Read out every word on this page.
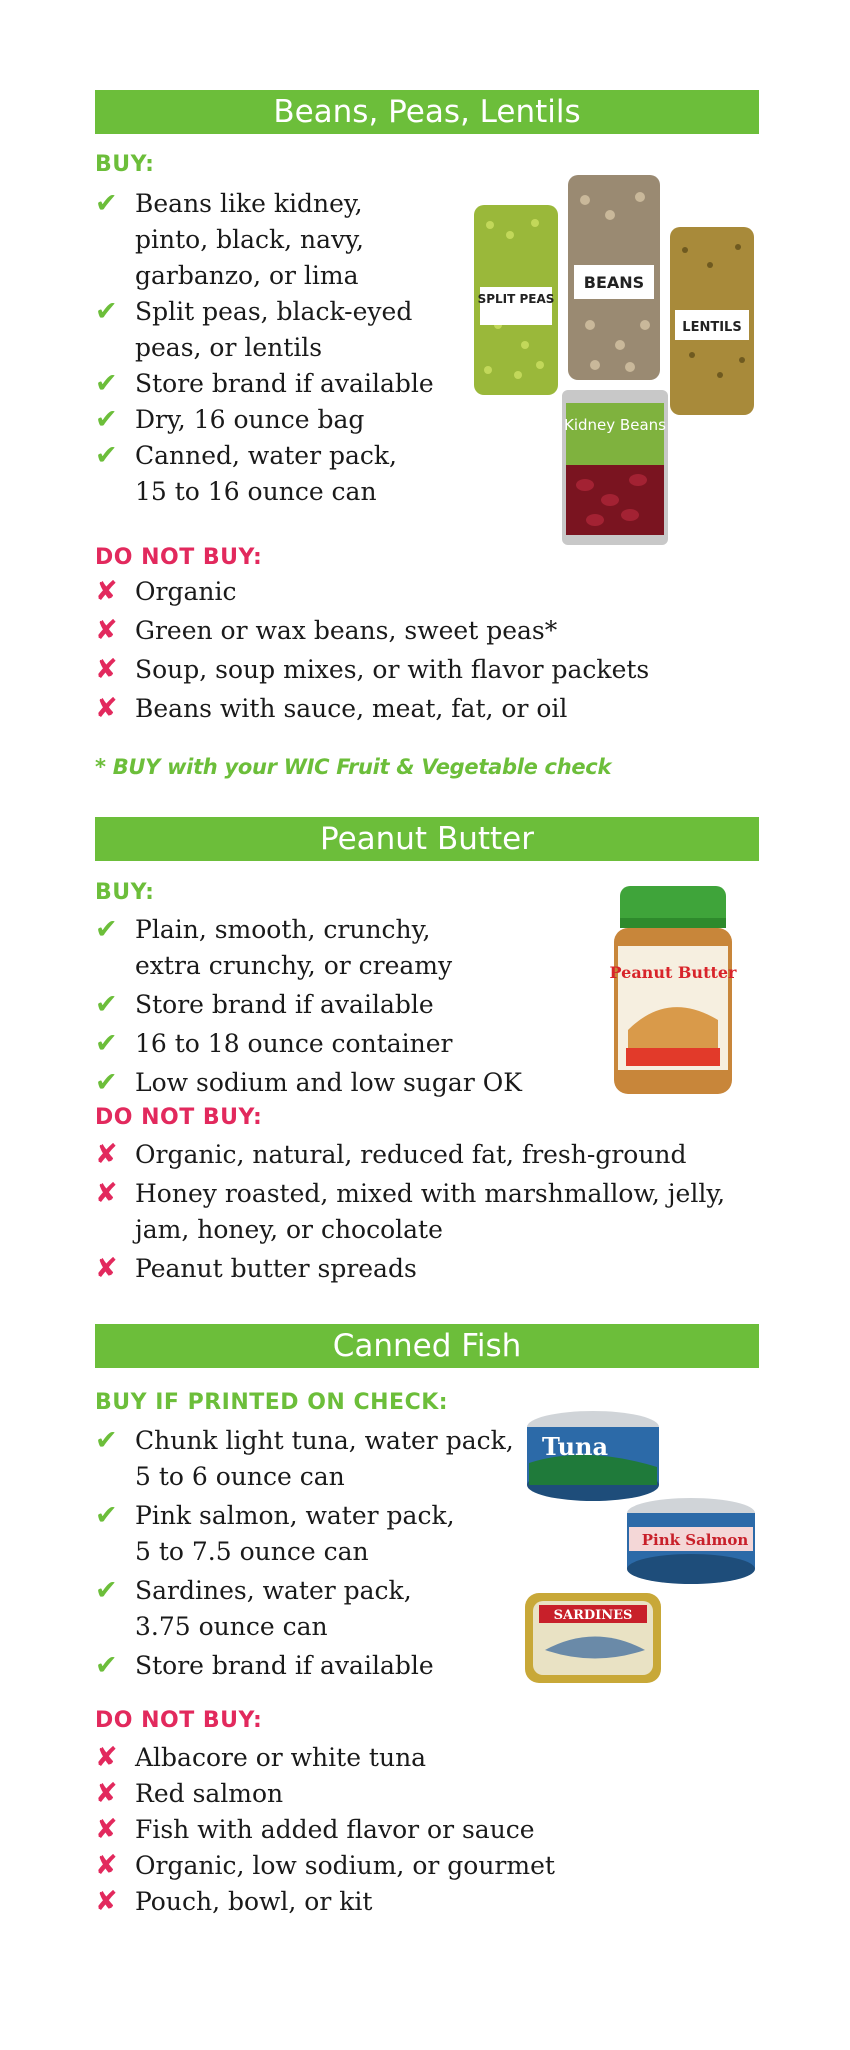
Beans, Peas, Lentils
BUY:
✔ Beans like kidney,
pinto, black, navy,
garbanzo, or lima
✔ Split peas, black-eyed
peas, or lentils
✔ Store brand if available
✔ Dry, 16 ounce bag
✔ Canned, water pack,
15 to 16 ounce can
SPLIT PEAS
BEANS
LENTILS
Kidney Beans
DO NOT BUY:
✘ Organic
✘ Green or wax beans, sweet peas*
✘ Soup, soup mixes, or with flavor packets
✘ Beans with sauce, meat, fat, or oil
* BUY with your WIC Fruit & Vegetable check
Peanut Butter
BUY:
✔ Plain, smooth, crunchy,
extra crunchy, or creamy
✔ Store brand if available
✔ 16 to 18 ounce container
✔ Low sodium and low sugar OK
Peanut Butter
DO NOT BUY:
✘ Organic, natural, reduced fat, fresh-ground
✘ Honey roasted, mixed with marshmallow, jelly,
jam, honey, or chocolate
✘ Peanut butter spreads
Canned Fish
BUY IF PRINTED ON CHECK:
✔ Chunk light tuna, water pack,
5 to 6 ounce can
✔ Pink salmon, water pack,
5 to 7.5 ounce can
✔ Sardines, water pack,
3.75 ounce can
✔ Store brand if available
Tuna
Pink Salmon
SARDINES
DO NOT BUY:
✘ Albacore or white tuna
✘ Red salmon
✘ Fish with added flavor or sauce
✘ Organic, low sodium, or gourmet
✘ Pouch, bowl, or kit
